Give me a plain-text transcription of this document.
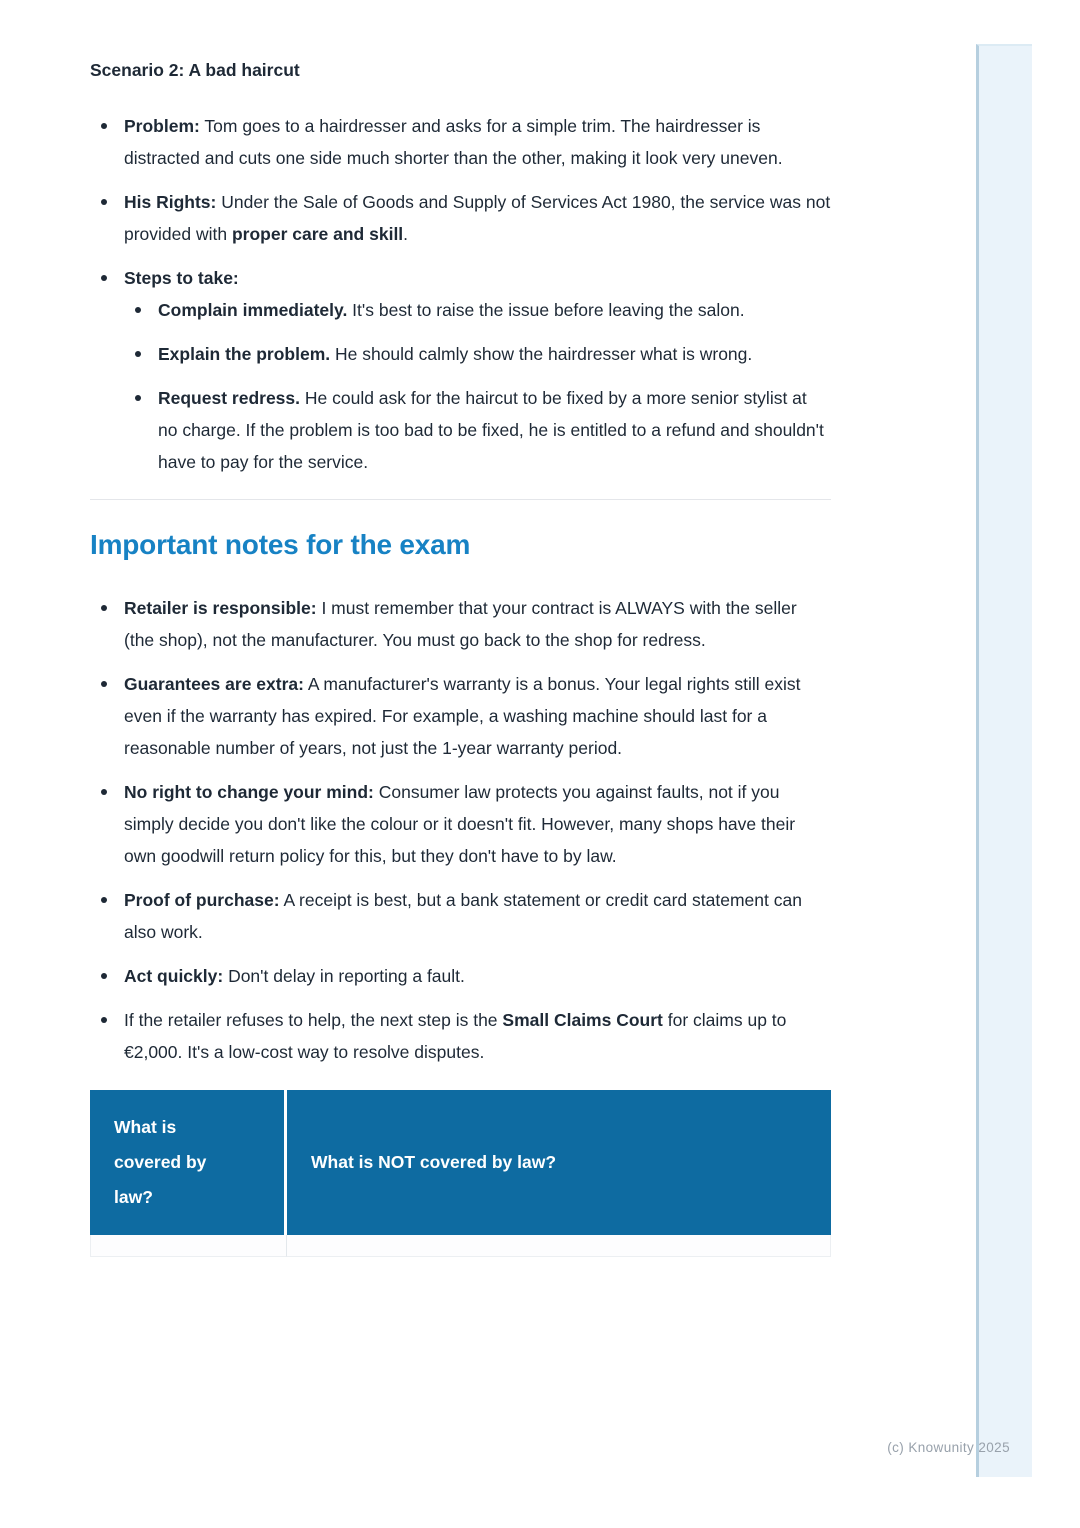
Scenario 2: A bad haircut
Problem: Tom goes to a hairdresser and asks for a simple trim. The hairdresser is distracted and cuts one side much shorter than the other, making it look very uneven.
His Rights: Under the Sale of Goods and Supply of Services Act 1980, the service was not provided with proper care and skill.
Steps to take:
Complain immediately. It's best to raise the issue before leaving the salon.
Explain the problem. He should calmly show the hairdresser what is wrong.
Request redress. He could ask for the haircut to be fixed by a more senior stylist at no charge. If the problem is too bad to be fixed, he is entitled to a refund and shouldn't have to pay for the service.
Important notes for the exam
Retailer is responsible: I must remember that your contract is ALWAYS with the seller (the shop), not the manufacturer. You must go back to the shop for redress.
Guarantees are extra: A manufacturer's warranty is a bonus. Your legal rights still exist even if the warranty has expired. For example, a washing machine should last for a reasonable number of years, not just the 1-year warranty period.
No right to change your mind: Consumer law protects you against faults, not if you simply decide you don't like the colour or it doesn't fit. However, many shops have their own goodwill return policy for this, but they don't have to by law.
Proof of purchase: A receipt is best, but a bank statement or credit card statement can also work.
Act quickly: Don't delay in reporting a fault.
If the retailer refuses to help, the next step is the Small Claims Court for claims up to €2,000. It's a low-cost way to resolve disputes.
What is covered by law?	What is NOT covered by law?

(c) Knowunity 2025
